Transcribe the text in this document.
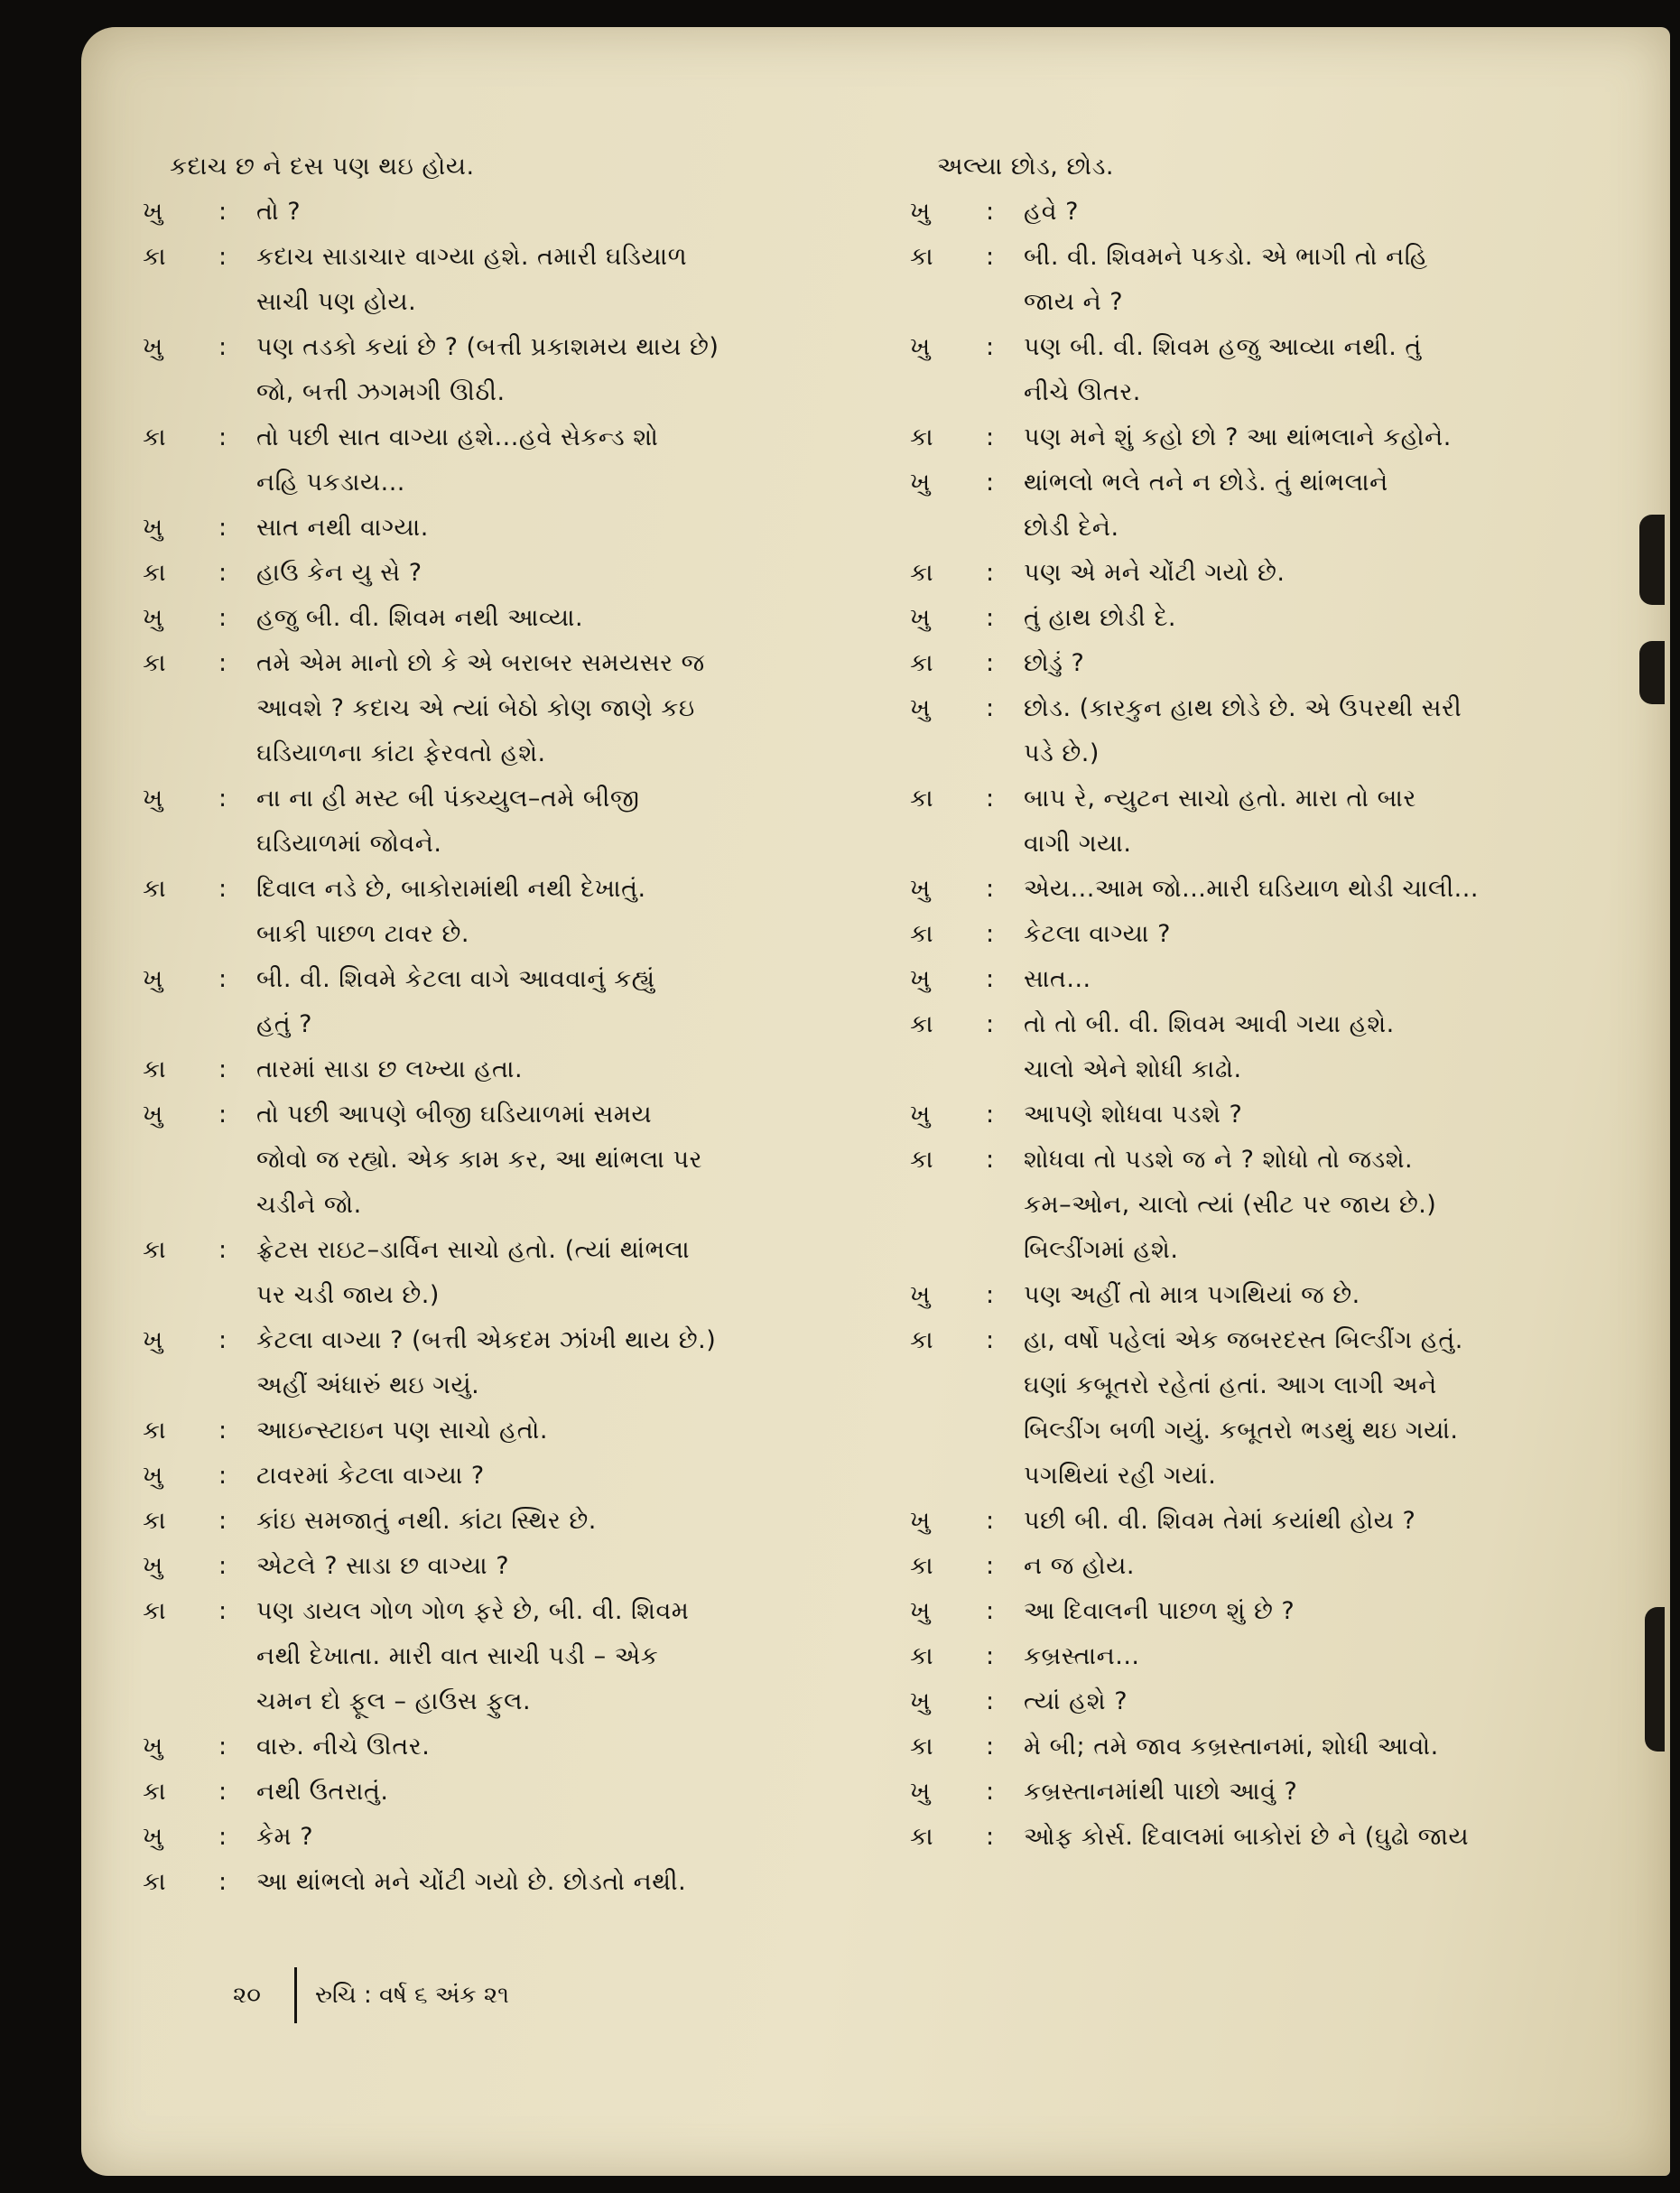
કદાચ છ ને દસ પણ થઇ હોય.
ખુ	:	તો ?
કા	:	કદાચ સાડાચાર વાગ્યા હશે. તમારી ઘડિયાળ
સાચી પણ હોય.
ખુ	:	પણ તડકો કયાં છે ? (બત્તી પ્રકાશમય થાય છે)
જો, બત્તી ઝગમગી ઊઠી.
કા	:	તો પછી સાત વાગ્યા હશે...હવે સેકન્ડ શો
નહિ પકડાય...
ખુ	:	સાત નથી વાગ્યા.
કા	:	હાઉ કેન યુ સે ?
ખુ	:	હજુ બી. વી. શિવમ નથી આવ્યા.
કા	:	તમે એમ માનો છો કે એ બરાબર સમયસર જ
આવશે ? કદાચ એ ત્યાં બેઠો કોણ જાણે કઇ
ઘડિયાળના કાંટા ફેરવતો હશે.
ખુ	:	ના ના હી મસ્ટ બી પંક્ચ્યુલ–તમે બીજી
ઘડિયાળમાં જોવને.
કા	:	દિવાલ નડે છે, બાકોરામાંથી નથી દેખાતું.
બાકી પાછળ ટાવર છે.
ખુ	:	બી. વી. શિવમે કેટલા વાગે આવવાનું કહ્યું
હતું ?
કા	:	તારમાં સાડા છ લખ્યા હતા.
ખુ	:	તો પછી આપણે બીજી ઘડિયાળમાં સમય
જોવો જ રહ્યો. એક કામ કર, આ થાંભલા પર
ચડીને જો.
કા	:	ફ્રેટસ રાઇટ–ડાર્વિન સાચો હતો. (ત્યાં થાંભલા
પર ચડી જાય છે.)
ખુ	:	કેટલા વાગ્યા ? (બત્તી એકદમ ઝાંખી થાય છે.)
અહીં અંધારું થઇ ગયું.
કા	:	આઇન્સ્ટાઇન પણ સાચો હતો.
ખુ	:	ટાવરમાં કેટલા વાગ્યા ?
કા	:	કાંઇ સમજાતું નથી. કાંટા સ્થિર છે.
ખુ	:	એટલે ? સાડા છ વાગ્યા ?
કા	:	પણ ડાયલ ગોળ ગોળ ફરે છે, બી. વી. શિવમ
નથી દેખાતા. મારી વાત સાચી પડી – એક
ચમન દો ફૂલ – હાઉસ ફુલ.
ખુ	:	વારુ. નીચે ઊતર.
કા	:	નથી ઉતરાતું.
ખુ	:	કેમ ?
કા	:	આ થાંભલો મને ચોંટી ગયો છે. છોડતો નથી.
અલ્યા છોડ, છોડ.
ખુ	:	હવે ?
કા	:	બી. વી. શિવમને પકડો. એ ભાગી તો નહિ
જાય ને ?
ખુ	:	પણ બી. વી. શિવમ હજુ આવ્યા નથી. તું
નીચે ઊતર.
કા	:	પણ મને શું કહો છો ? આ થાંભલાને કહોને.
ખુ	:	થાંભલો ભલે તને ન છોડે. તું થાંભલાને
છોડી દેને.
કા	:	પણ એ મને ચોંટી ગયો છે.
ખુ	:	તું હાથ છોડી દે.
કા	:	છોડું ?
ખુ	:	છોડ. (કારકુન હાથ છોડે છે. એ ઉપરથી સરી
પડે છે.)
કા	:	બાપ રે, ન્યુટન સાચો હતો. મારા તો બાર
વાગી ગયા.
ખુ	:	એય...આમ જો...મારી ઘડિયાળ થોડી ચાલી...
કા	:	કેટલા વાગ્યા ?
ખુ	:	સાત...
કા	:	તો તો બી. વી. શિવમ આવી ગયા હશે.
ચાલો એને શોધી કાઢો.
ખુ	:	આપણે શોધવા પડશે ?
કા	:	શોધવા તો પડશે જ ને ? શોધો તો જડશે.
કમ–ઓન, ચાલો ત્યાં (સીટ પર જાય છે.)
બિલ્ડીંગમાં હશે.
ખુ	:	પણ અહીં તો માત્ર પગથિયાં જ છે.
કા	:	હા, વર્ષો પહેલાં એક જબરદસ્ત બિલ્ડીંગ હતું.
ઘણાં કબૂતરો રહેતાં હતાં. આગ લાગી અને
બિલ્ડીંગ બળી ગયું. કબૂતરો ભડથું થઇ ગયાં.
પગથિયાં રહી ગયાં.
ખુ	:	પછી બી. વી. શિવમ તેમાં કયાંથી હોય ?
કા	:	ન જ હોય.
ખુ	:	આ દિવાલની પાછળ શું છે ?
કા	:	કબ્રસ્તાન...
ખુ	:	ત્યાં હશે ?
કા	:	મે બી; તમે જાવ કબ્રસ્તાનમાં, શોધી આવો.
ખુ	:	કબ્રસ્તાનમાંથી પાછો આવું ?
કા	:	ઓફ કોર્સ. દિવાલમાં બાકોરાં છે ને (ઘુઢો જાય
૨૦	રુચિ : વર્ષ ૬ અંક ૨૧
